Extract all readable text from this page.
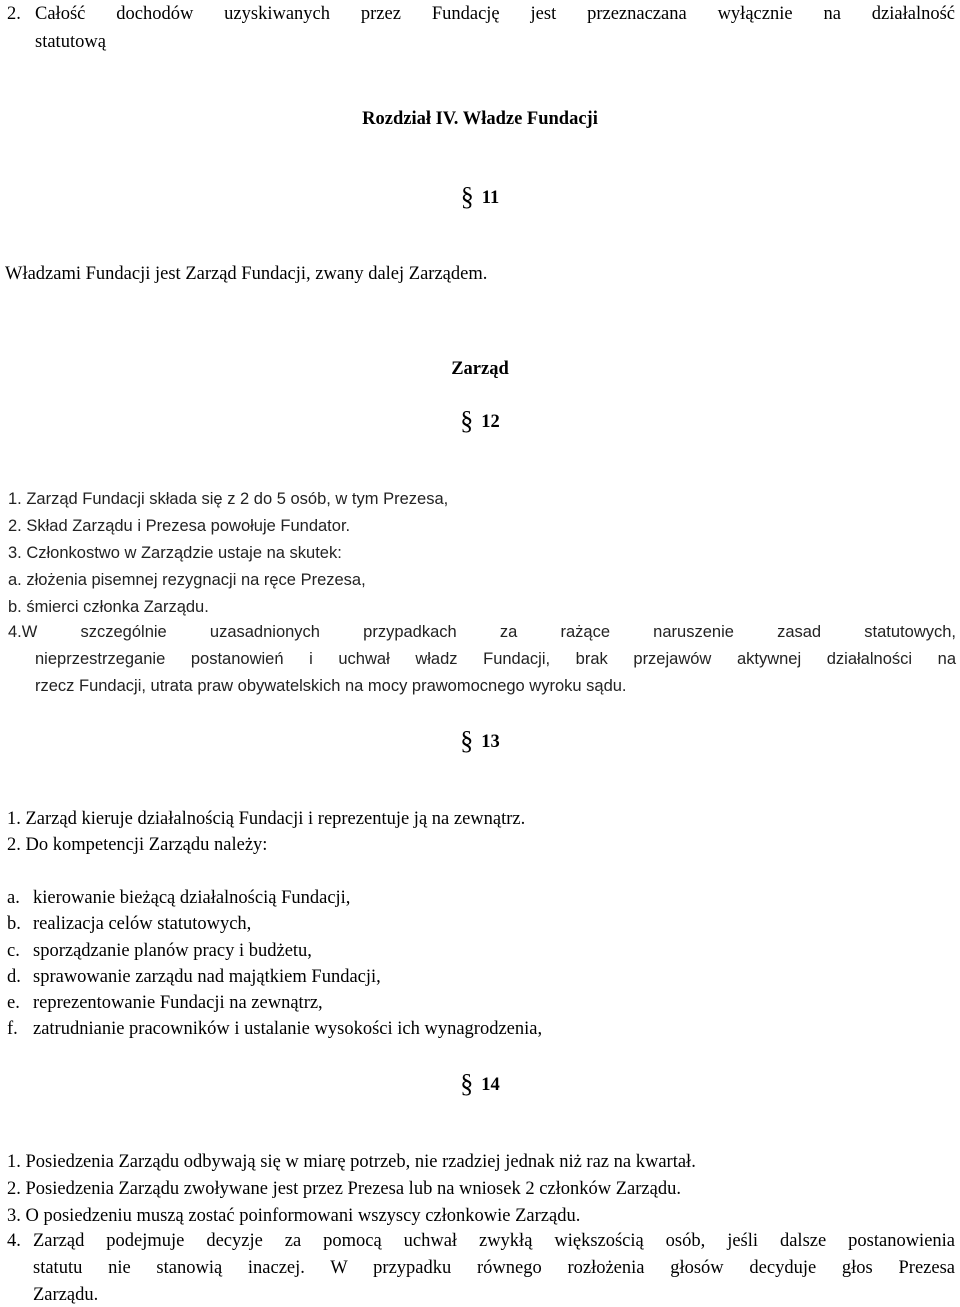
2. Całość dochodów uzyskiwanych przez Fundację jest przeznaczana wyłącznie na działalność
statutową
Rozdział IV. Władze Fundacji
§ 11
Władzami Fundacji jest Zarząd Fundacji, zwany dalej Zarządem.
Zarząd
§ 12
1. Zarząd Fundacji składa się z 2 do 5 osób, w tym Prezesa,
2. Skład Zarządu i Prezesa powołuje Fundator.
3. Członkostwo w Zarządzie ustaje na skutek:
a. złożenia pisemnej rezygnacji na ręce Prezesa,
b. śmierci członka Zarządu.
4.W szczególnie uzasadnionych przypadkach za rażące naruszenie zasad statutowych,
nieprzestrzeganie postanowień i uchwał władz Fundacji, brak przejawów aktywnej działalności na
rzecz Fundacji, utrata praw obywatelskich na mocy prawomocnego wyroku sądu.
§ 13
1. Zarząd kieruje działalnością Fundacji i reprezentuje ją na zewnątrz.
2. Do kompetencji Zarządu należy:
a. kierowanie bieżącą działalnością Fundacji,
b. realizacja celów statutowych,
c. sporządzanie planów pracy i budżetu,
d. sprawowanie zarządu nad majątkiem Fundacji,
e. reprezentowanie Fundacji na zewnątrz,
f. zatrudnianie pracowników i ustalanie wysokości ich wynagrodzenia,
§ 14
1. Posiedzenia Zarządu odbywają się w miarę potrzeb, nie rzadziej jednak niż raz na kwartał.
2. Posiedzenia Zarządu zwoływane jest przez Prezesa lub na wniosek 2 członków Zarządu.
3. O posiedzeniu muszą zostać poinformowani wszyscy członkowie Zarządu.
4. Zarząd podejmuje decyzje za pomocą uchwał zwykłą większością osób, jeśli dalsze postanowienia
statutu nie stanowią inaczej. W przypadku równego rozłożenia głosów decyduje głos Prezesa
Zarządu.
